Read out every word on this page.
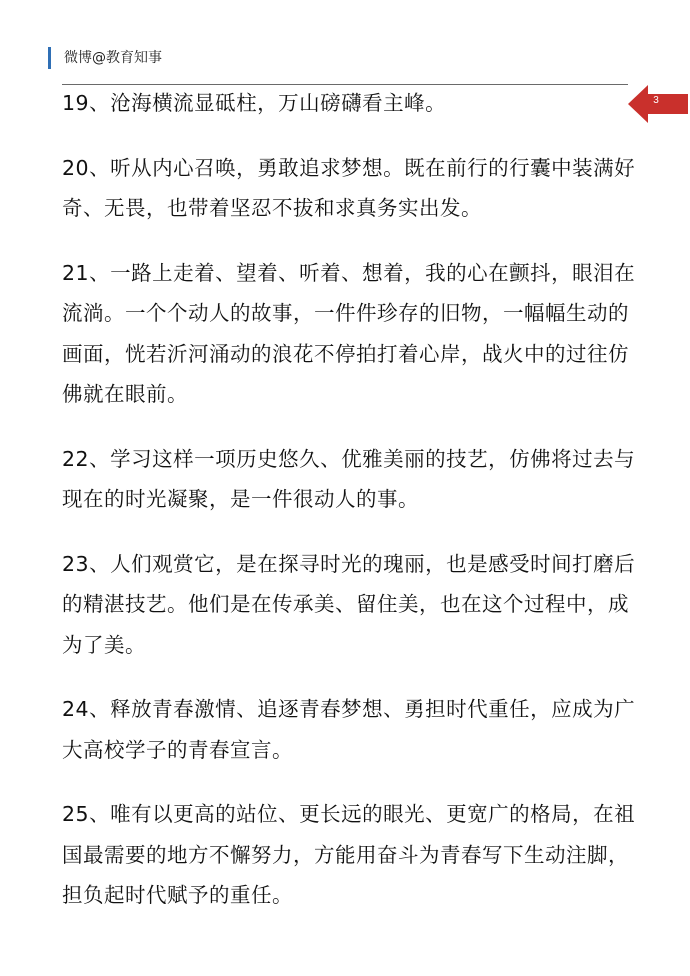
微博@教育知事
3

19、沧海横流显砥柱，万山磅礴看主峰。

20、听从内心召唤，勇敢追求梦想。既在前行的行囊中装满好奇、无畏，也带着坚忍不拔和求真务实出发。

21、一路上走着、望着、听着、想着，我的心在颤抖，眼泪在流淌。一个个动人的故事，一件件珍存的旧物，一幅幅生动的画面，恍若沂河涌动的浪花不停拍打着心岸，战火中的过往仿佛就在眼前。

22、学习这样一项历史悠久、优雅美丽的技艺，仿佛将过去与现在的时光凝聚，是一件很动人的事。

23、人们观赏它，是在探寻时光的瑰丽，也是感受时间打磨后的精湛技艺。他们是在传承美、留住美，也在这个过程中，成为了美。

24、释放青春激情、追逐青春梦想、勇担时代重任，应成为广大高校学子的青春宣言。

25、唯有以更高的站位、更长远的眼光、更宽广的格局，在祖国最需要的地方不懈努力，方能用奋斗为青春写下生动注脚，担负起时代赋予的重任。
